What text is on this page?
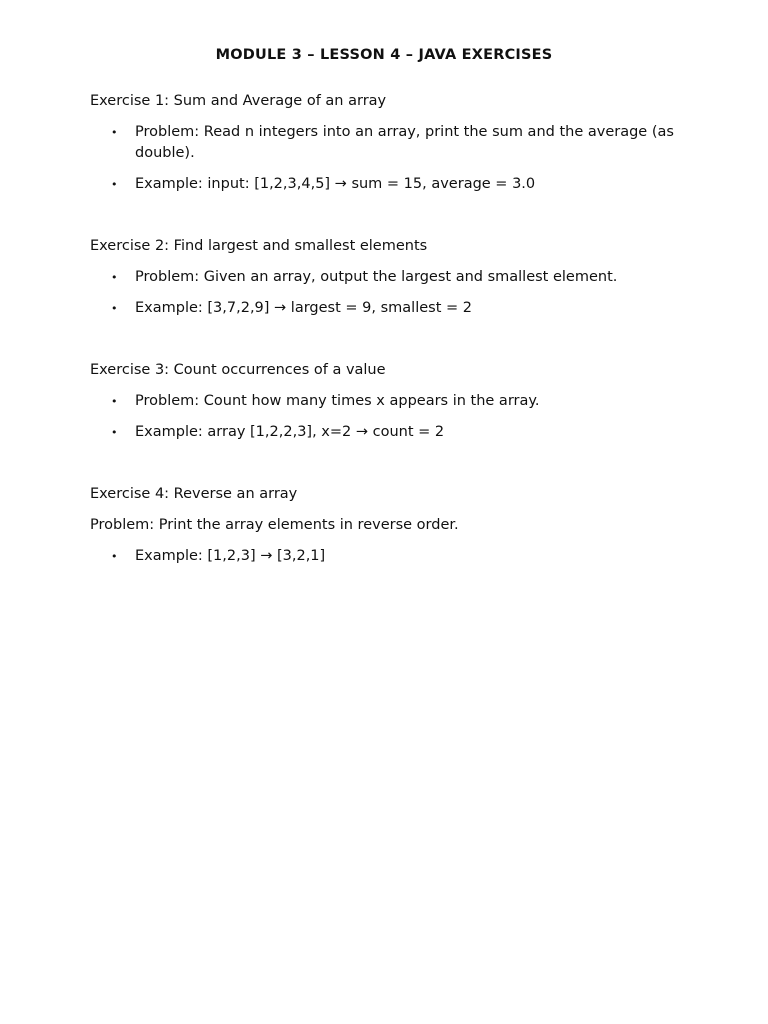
MODULE 3 – LESSON 4 – JAVA EXERCISES

Exercise 1: Sum and Average of an array

• Problem: Read n integers into an array, print the sum and the average (as double).
• Example: input: [1,2,3,4,5] → sum = 15, average = 3.0

Exercise 2: Find largest and smallest elements

• Problem: Given an array, output the largest and smallest element.
• Example: [3,7,2,9] → largest = 9, smallest = 2

Exercise 3: Count occurrences of a value

• Problem: Count how many times x appears in the array.
• Example: array [1,2,2,3], x=2 → count = 2

Exercise 4: Reverse an array

Problem: Print the array elements in reverse order.

• Example: [1,2,3] → [3,2,1]
